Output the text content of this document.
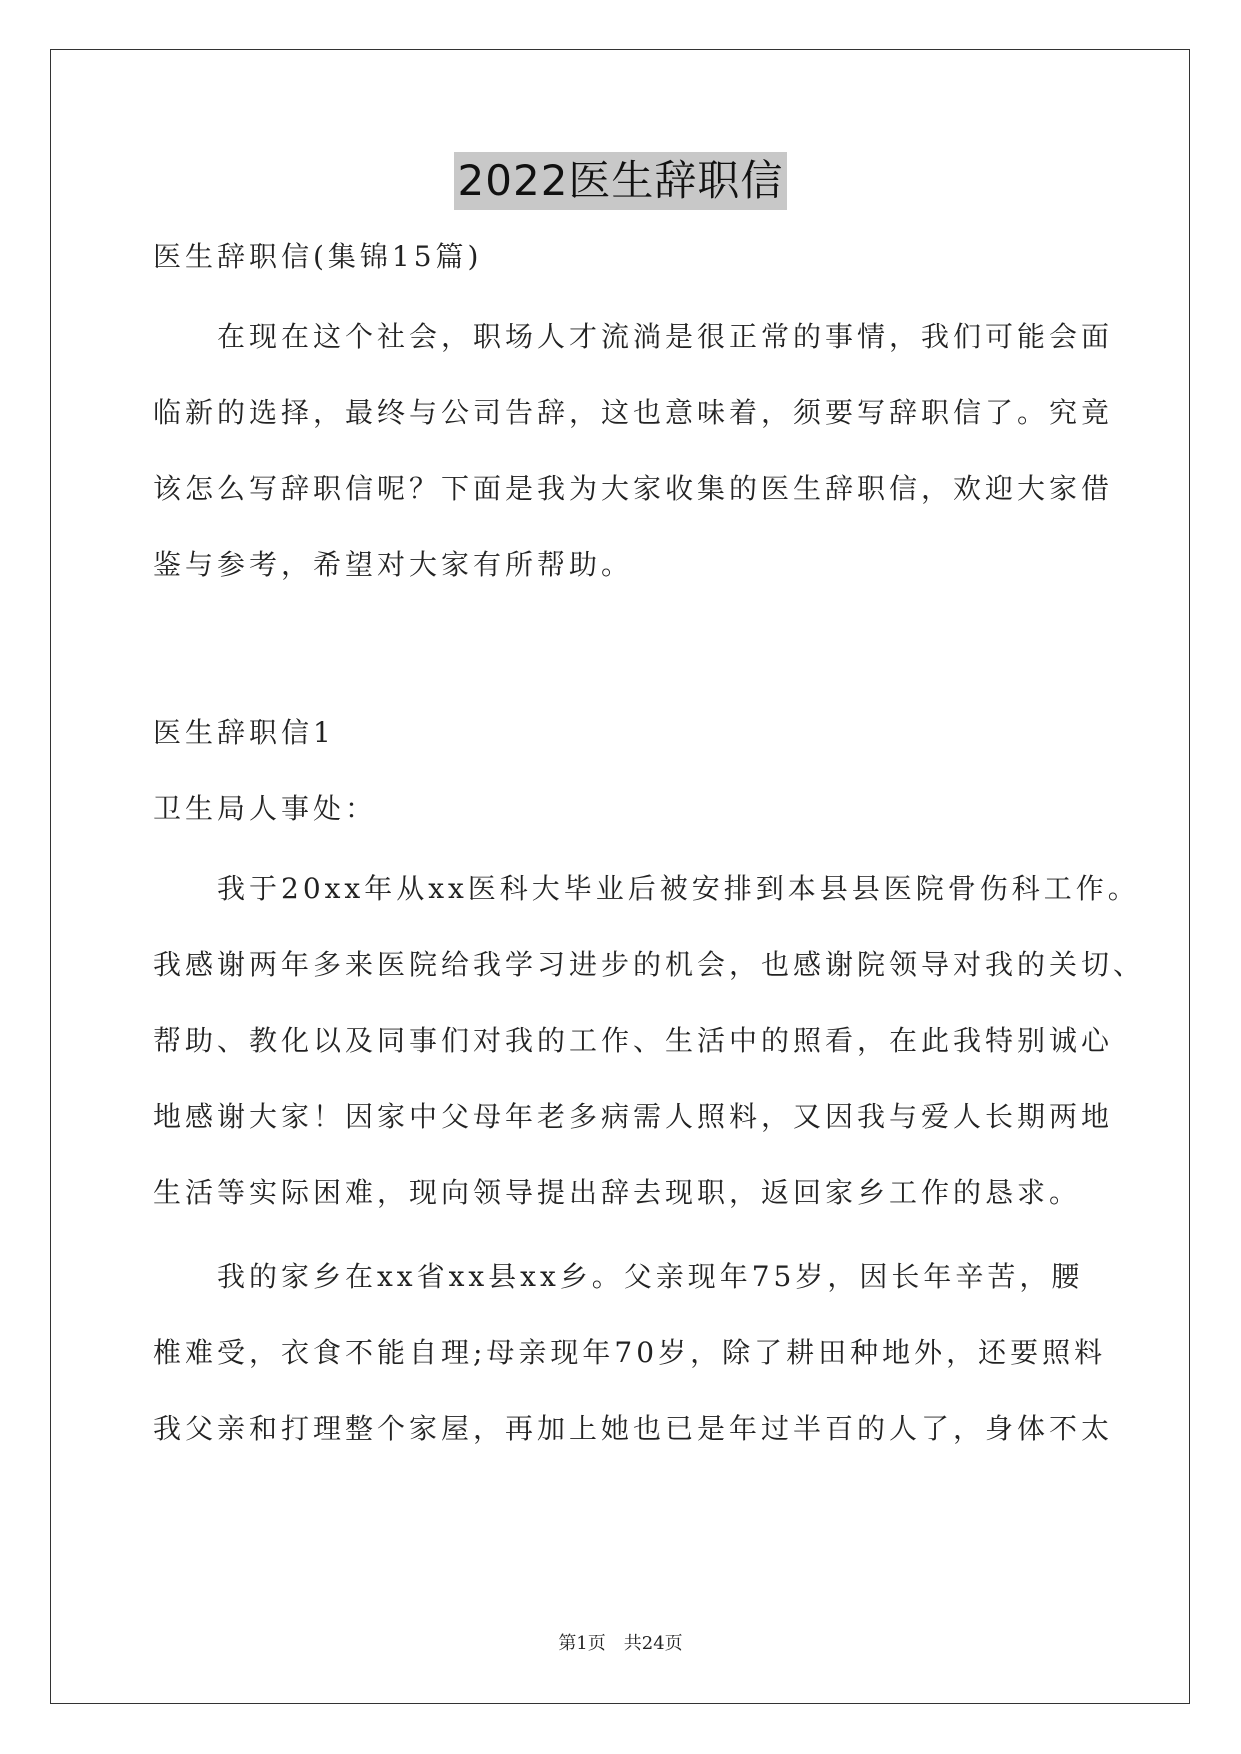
2022医生辞职信
医生辞职信(集锦15篇)
　　在现在这个社会，职场人才流淌是很正常的事情，我们可能会面
临新的选择，最终与公司告辞，这也意味着，须要写辞职信了。究竟
该怎么写辞职信呢？下面是我为大家收集的医生辞职信，欢迎大家借
鉴与参考，希望对大家有所帮助。
医生辞职信1
卫生局人事处：
　　我于20xx年从xx医科大毕业后被安排到本县县医院骨伤科工作。
我感谢两年多来医院给我学习进步的机会，也感谢院领导对我的关切、
帮助、教化以及同事们对我的工作、生活中的照看，在此我特别诚心
地感谢大家！因家中父母年老多病需人照料，又因我与爱人长期两地
生活等实际困难，现向领导提出辞去现职，返回家乡工作的恳求。
　　我的家乡在xx省xx县xx乡。父亲现年75岁，因长年辛苦，腰
椎难受，衣食不能自理;母亲现年70岁，除了耕田种地外，还要照料
我父亲和打理整个家屋，再加上她也已是年过半百的人了，身体不太
第1页　共24页
